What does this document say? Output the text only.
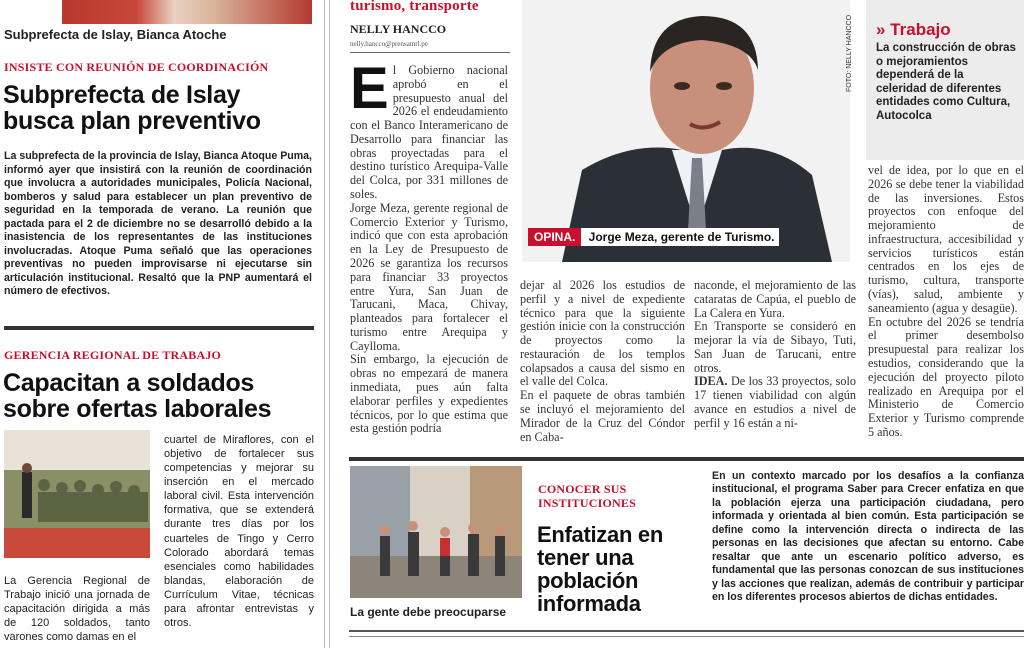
Subprefecta de Islay, Bianca Atoche
INSISTE CON REUNIÓN DE COORDINACIÓN
Subprefecta de Islay
busca plan preventivo
La subprefecta de la provincia de Islay, Bianca Atoque Puma, informó ayer que insistirá con la reunión de coordinación que involucra a autoridades municipales, Policía Nacional, bomberos y salud para establecer un plan preventivo de seguridad en la temporada de verano. La reunión que pactada para el 2 de diciembre no se desarrolló debido a la inasistencia de los representantes de las instituciones involucradas. Atoque Puma señaló que las operaciones preventivas no pueden improvisarse ni ejecutarse sin articulación institucional. Resaltó que la PNP aumentará el número de efectivos.
GERENCIA REGIONAL DE TRABAJO
Capacitan a soldados
sobre ofertas laborales
La Gerencia Regional de Trabajo inició una jornada de capacitación dirigida a más de 120 soldados, tanto varones como damas en el
cuartel de Miraflores, con el objetivo de fortalecer sus competencias y mejorar su inserción en el mercado laboral civil. Esta intervención formativa, que se extenderá durante tres días por los cuarteles de Tingo y Cerro Colorado abordará temas esenciales como habilidades blandas, elaboración de Currículum Vitae, técnicas para afrontar entrevistas y otros.
turismo, transporte
NELLY HANCCO
nelly.hancco@prensamrl.pe
E l Gobierno nacional aprobó en el presupuesto anual del 2026 el endeudamiento con el Banco Interamericano de Desarrollo para financiar las obras proyectadas para el destino turístico Arequipa-Valle del Colca, por 331 millones de soles.
Jorge Meza, gerente regional de Comercio Exterior y Turismo, indicó que con esta aprobación en la Ley de Presupuesto de 2026 se garantiza los recursos para financiar 33 proyectos entre Yura, San Juan de Tarucani, Maca, Chivay, planteados para fortalecer el turismo entre Arequipa y Caylloma.
Sin embargo, la ejecución de obras no empezará de manera inmediata, pues aún falta elaborar perfiles y expedientes técnicos, por lo que estima que esta gestión podría
FOTO: NELLY HANCCO
OPINA. Jorge Meza, gerente de Turismo.
dejar al 2026 los estudios de perfil y a nivel de expediente técnico para que la siguiente gestión inicie con la construcción de proyectos como la restauración de los templos colapsados a causa del sismo en el valle del Colca.
En el paquete de obras también se incluyó el mejoramiento del Mirador de la Cruz del Cóndor en Caba-
naconde, el mejoramiento de las cataratas de Capúa, el pueblo de La Calera en Yura.
En Transporte se consideró en mejorar la vía de Sibayo, Tuti, San Juan de Tarucani, entre otros.
IDEA. De los 33 proyectos, solo 17 tienen viabilidad con algún avance en estudios a nivel de perfil y 16 están a ni-
» Trabajo
La construcción de obras o mejoramientos dependerá de la celeridad de diferentes entidades como Cultura, Autocolca
vel de idea, por lo que en el 2026 se debe tener la viabilidad de las inversiones. Estos proyectos con enfoque del mejoramiento de infraestructura, accesibilidad y servicios turísticos están centrados en los ejes de turismo, cultura, transporte (vías), salud, ambiente y saneamiento (agua y desagüe).
En octubre del 2026 se tendría el primer desembolso presupuestal para realizar los estudios, considerando que la ejecución del proyecto piloto realizado en Arequipa por el Ministerio de Comercio Exterior y Turismo comprende 5 años.
La gente debe preocuparse
CONOCER SUS
INSTITUCIONES
Enfatizan en
tener una
población
informada
En un contexto marcado por los desafíos a la confianza institucional, el programa Saber para Crecer enfatiza en que la población ejerza una participación ciudadana, pero informada y orientada al bien común. Esta participación se define como la intervención directa o indirecta de las personas en las decisiones que afectan su entorno. Cabe resaltar que ante un escenario político adverso, es fundamental que las personas conozcan de sus instituciones y las acciones que realizan, además de contribuir y participar en los diferentes procesos abiertos de dichas entidades.
